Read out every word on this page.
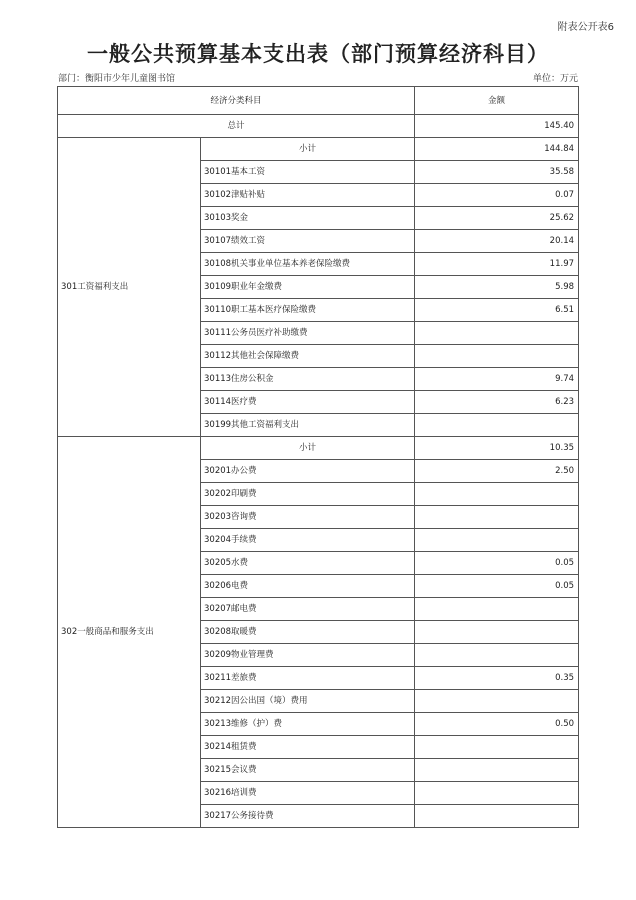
附表公开表6
一般公共预算基本支出表（部门预算经济科目）
部门：衡阳市少年儿童图书馆	单位：万元
经济分类科目		金额
总计		145.40
301工资福利支出	小计	144.84
	30101基本工资	35.58
	30102津贴补贴	0.07
	30103奖金	25.62
	30107绩效工资	20.14
	30108机关事业单位基本养老保险缴费	11.97
	30109职业年金缴费	5.98
	30110职工基本医疗保险缴费	6.51
	30111公务员医疗补助缴费	
	30112其他社会保障缴费	
	30113住房公积金	9.74
	30114医疗费	6.23
	30199其他工资福利支出	
302一般商品和服务支出	小计	10.35
	30201办公费	2.50
	30202印刷费	
	30203咨询费	
	30204手续费	
	30205水费	0.05
	30206电费	0.05
	30207邮电费	
	30208取暖费	
	30209物业管理费	
	30211差旅费	0.35
	30212因公出国（境）费用	
	30213维修（护）费	0.50
	30214租赁费	
	30215会议费	
	30216培训费	
	30217公务接待费	
